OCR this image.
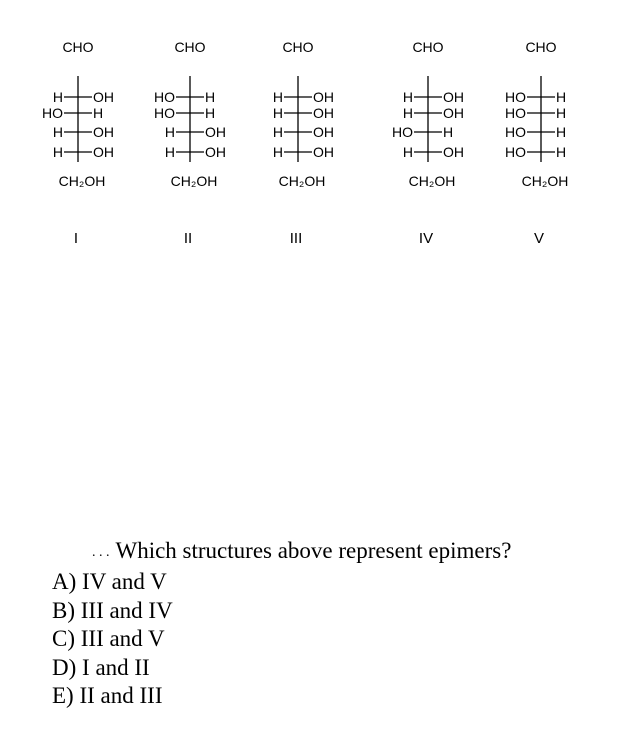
CHO
H OH
HO H
H OH
H OH
CH₂OH
I
CHO
HO H
HO H
H OH
H OH
CH₂OH
II
CHO
H OH
H OH
H OH
H OH
CH₂OH
III
CHO
H OH
H OH
HO H
H OH
CH₂OH
IV
CHO
HO H
HO H
HO H
HO H
CH₂OH
V
. . . Which structures above represent epimers?
A) IV and V
B) III and IV
C) III and V
D) I and II
E) II and III
